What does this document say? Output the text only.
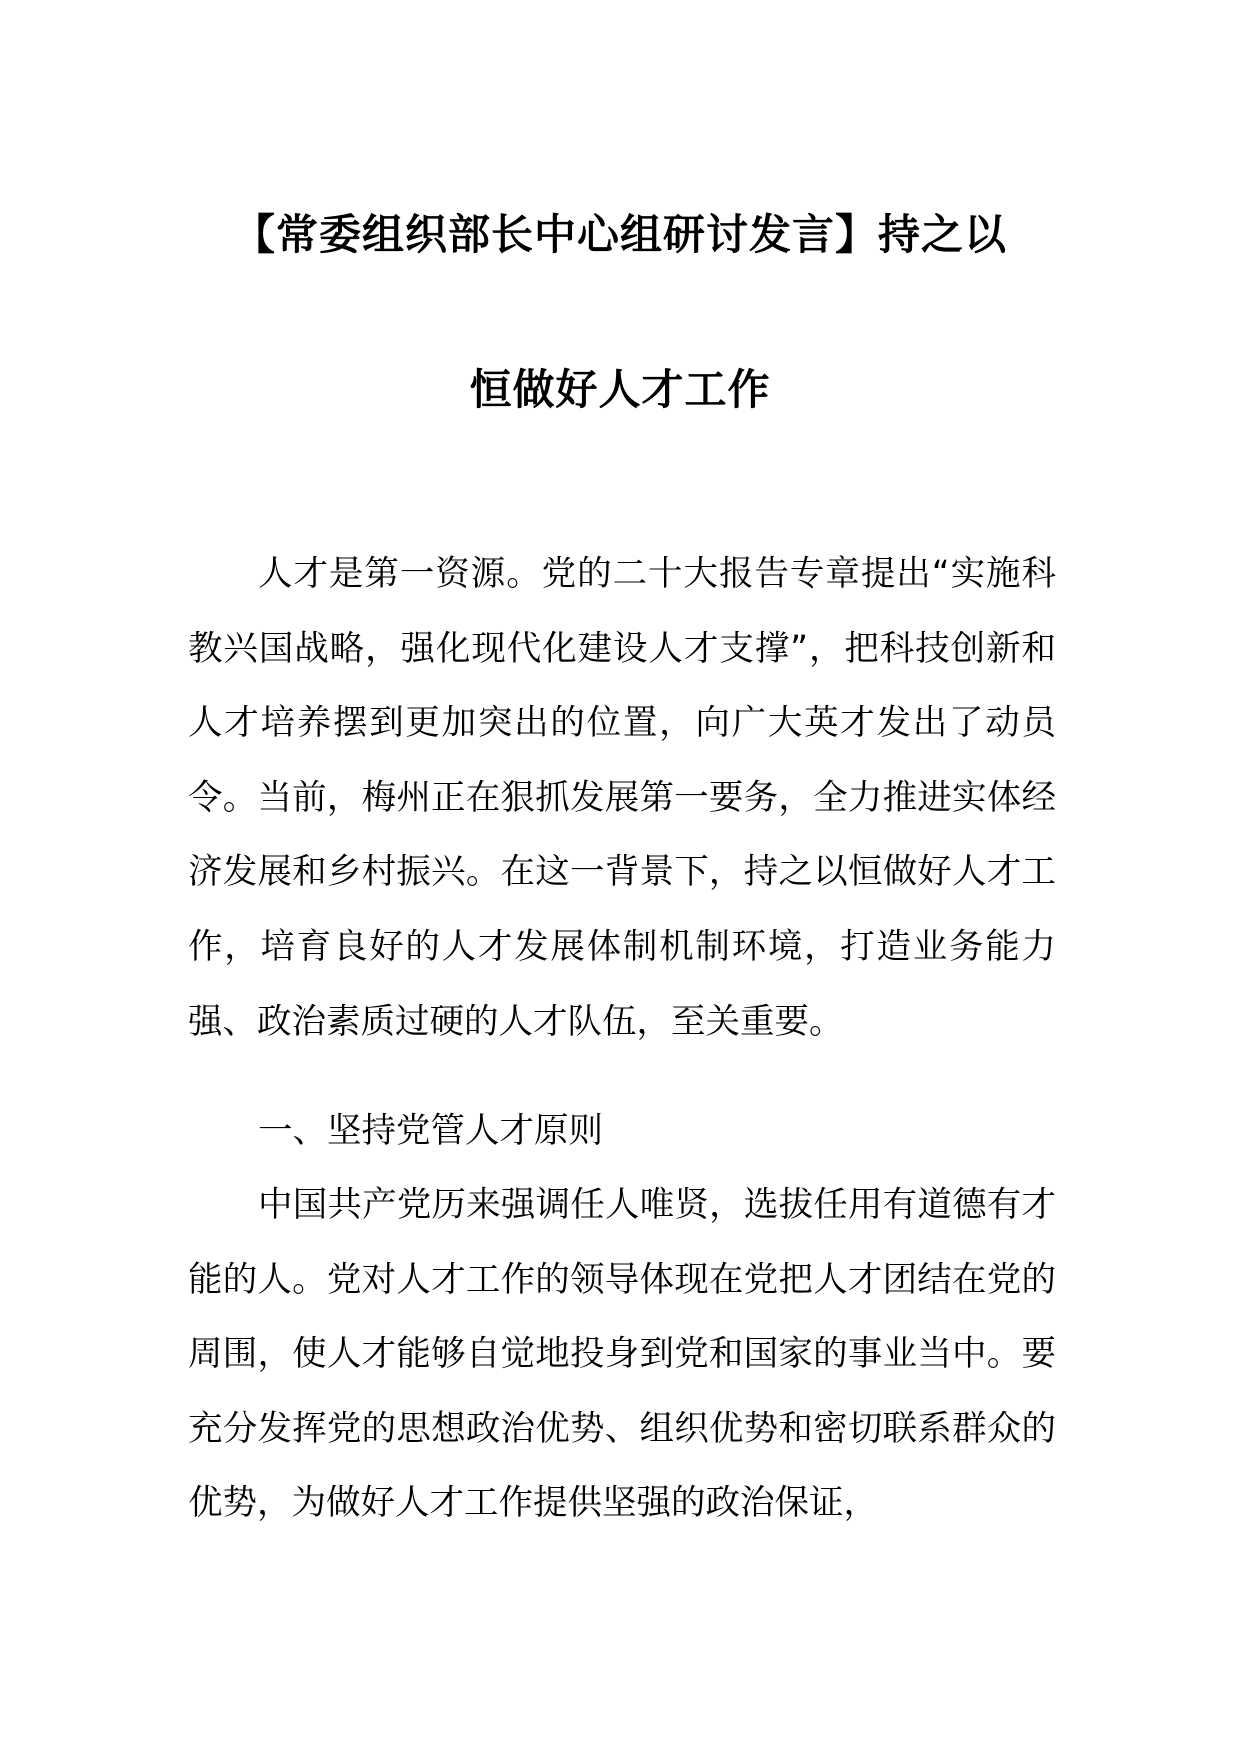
【常委组织部长中心组研讨发言】持之以
恒做好人才工作
人才是第一资源。党的二十大报告专章提出“实施科教兴国战略，强化现代化建设人才支撑”，把科技创新和人才培养摆到更加突出的位置，向广大英才发出了动员令。当前，梅州正在狠抓发展第一要务，全力推进实体经济发展和乡村振兴。在这一背景下，持之以恒做好人才工作，培育良好的人才发展体制机制环境，打造业务能力强、政治素质过硬的人才队伍，至关重要。
一、坚持党管人才原则
中国共产党历来强调任人唯贤，选拔任用有道德有才能的人。党对人才工作的领导体现在党把人才团结在党的周围，使人才能够自觉地投身到党和国家的事业当中。要充分发挥党的思想政治优势、组织优势和密切联系群众的优势，为做好人才工作提供坚强的政治保证，
